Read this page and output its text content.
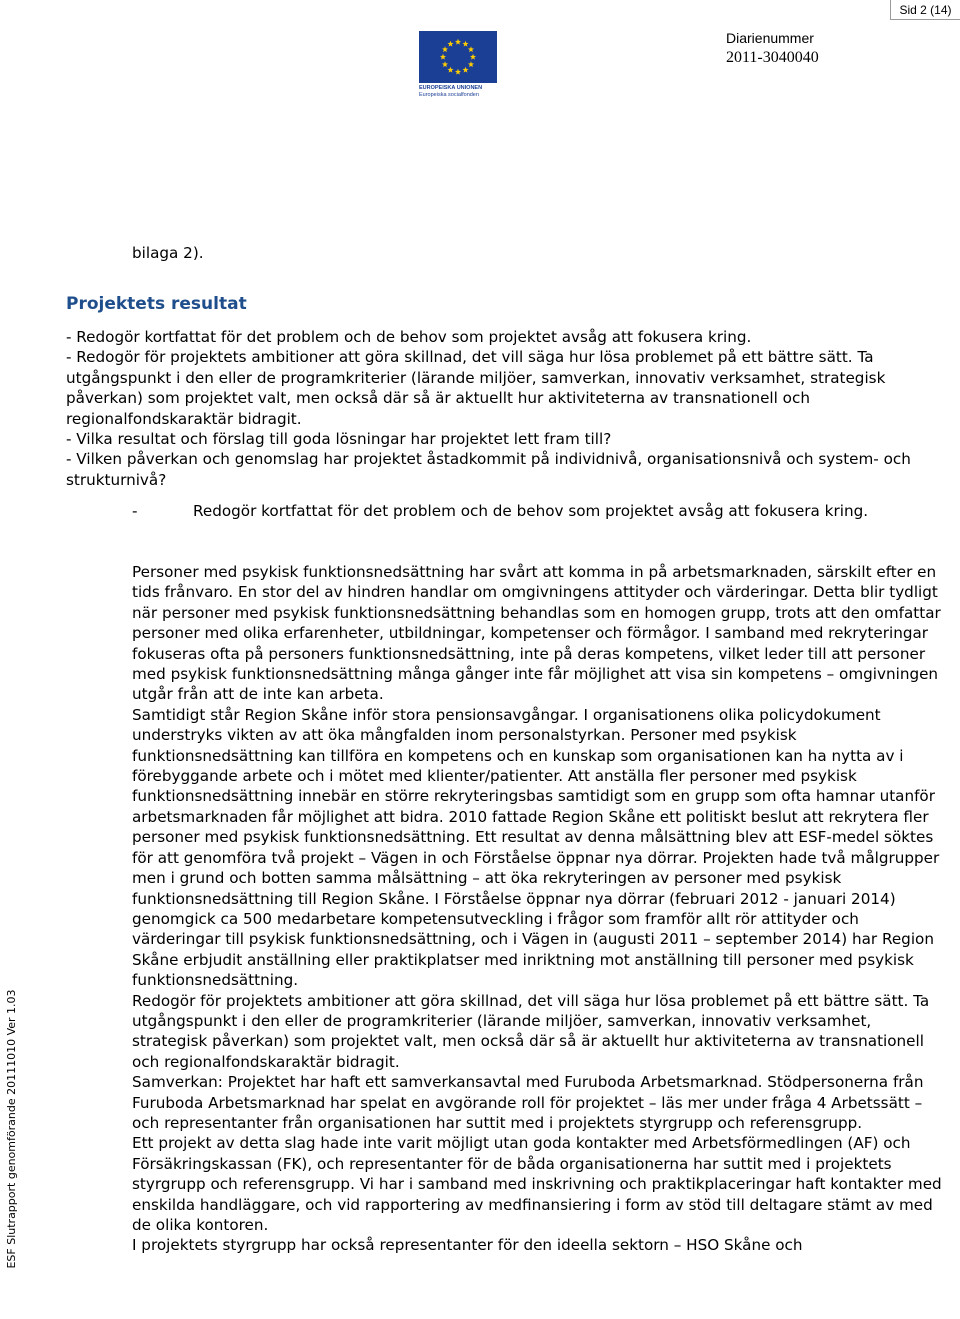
Sid 2 (14)
EUROPEISKA UNIONEN
Europeiska socialfonden
Diarienummer
2011-3040040
ESF Slutrapport genomförande 20111010 Ver 1.03

bilaga 2).

Projektets resultat

- Redogör kortfattat för det problem och de behov som projektet avsåg att fokusera kring.
- Redogör för projektets ambitioner att göra skillnad, det vill säga hur lösa problemet på ett bättre sätt. Ta utgångspunkt i den eller de programkriterier (lärande miljöer, samverkan, innovativ verksamhet, strategisk påverkan) som projektet valt, men också där så är aktuellt hur aktiviteterna av transnationell och regionalfondskaraktär bidragit.
- Vilka resultat och förslag till goda lösningar har projektet lett fram till?
- Vilken påverkan och genomslag har projektet åstadkommit på individnivå, organisationsnivå och system- och strukturnivå?

-	Redogör kortfattat för det problem och de behov som projektet avsåg att fokusera kring.

Personer med psykisk funktionsnedsättning har svårt att komma in på arbetsmarknaden, särskilt efter en tids frånvaro. En stor del av hindren handlar om omgivningens attityder och värderingar. Detta blir tydligt när personer med psykisk funktionsnedsättning behandlas som en homogen grupp, trots att den omfattar personer med olika erfarenheter, utbildningar, kompetenser och förmågor. I samband med rekryteringar fokuseras ofta på personers funktionsnedsättning, inte på deras kompetens, vilket leder till att personer med psykisk funktionsnedsättning många gånger inte får möjlighet att visa sin kompetens – omgivningen utgår från att de inte kan arbeta.
Samtidigt står Region Skåne inför stora pensionsavgångar. I organisationens olika policydokument understryks vikten av att öka mångfalden inom personalstyrkan. Personer med psykisk funktionsnedsättning kan tillföra en kompetens och en kunskap som organisationen kan ha nytta av i förebyggande arbete och i mötet med klienter/patienter. Att anställa fler personer med psykisk funktionsnedsättning innebär en större rekryteringsbas samtidigt som en grupp som ofta hamnar utanför arbetsmarknaden får möjlighet att bidra. 2010 fattade Region Skåne ett politiskt beslut att rekrytera fler personer med psykisk funktionsnedsättning. Ett resultat av denna målsättning blev att ESF-medel söktes för att genomföra två projekt – Vägen in och Förståelse öppnar nya dörrar. Projekten hade två målgrupper men i grund och botten samma målsättning – att öka rekryteringen av personer med psykisk funktionsnedsättning till Region Skåne. I Förståelse öppnar nya dörrar (februari 2012 - januari 2014) genomgick ca 500 medarbetare kompetensutveckling i frågor som framför allt rör attityder och värderingar till psykisk funktionsnedsättning, och i Vägen in (augusti 2011 – september 2014) har Region Skåne erbjudit anställning eller praktikplatser med inriktning mot anställning till personer med psykisk funktionsnedsättning.
Redogör för projektets ambitioner att göra skillnad, det vill säga hur lösa problemet på ett bättre sätt. Ta utgångspunkt i den eller de programkriterier (lärande miljöer, samverkan, innovativ verksamhet, strategisk påverkan) som projektet valt, men också där så är aktuellt hur aktiviteterna av transnationell och regionalfondskaraktär bidragit.
Samverkan: Projektet har haft ett samverkansavtal med Furuboda Arbetsmarknad. Stödpersonerna från Furuboda Arbetsmarknad har spelat en avgörande roll för projektet – läs mer under fråga 4 Arbetssätt – och representanter från organisationen har suttit med i projektets styrgrupp och referensgrupp.
Ett projekt av detta slag hade inte varit möjligt utan goda kontakter med Arbetsförmedlingen (AF) och Försäkringskassan (FK), och representanter för de båda organisationerna har suttit med i projektets styrgrupp och referensgrupp. Vi har i samband med inskrivning och praktikplaceringar haft kontakter med enskilda handläggare, och vid rapportering av medfinansiering i form av stöd till deltagare stämt av med de olika kontoren.
I projektets styrgrupp har också representanter för den ideella sektorn – HSO Skåne och
